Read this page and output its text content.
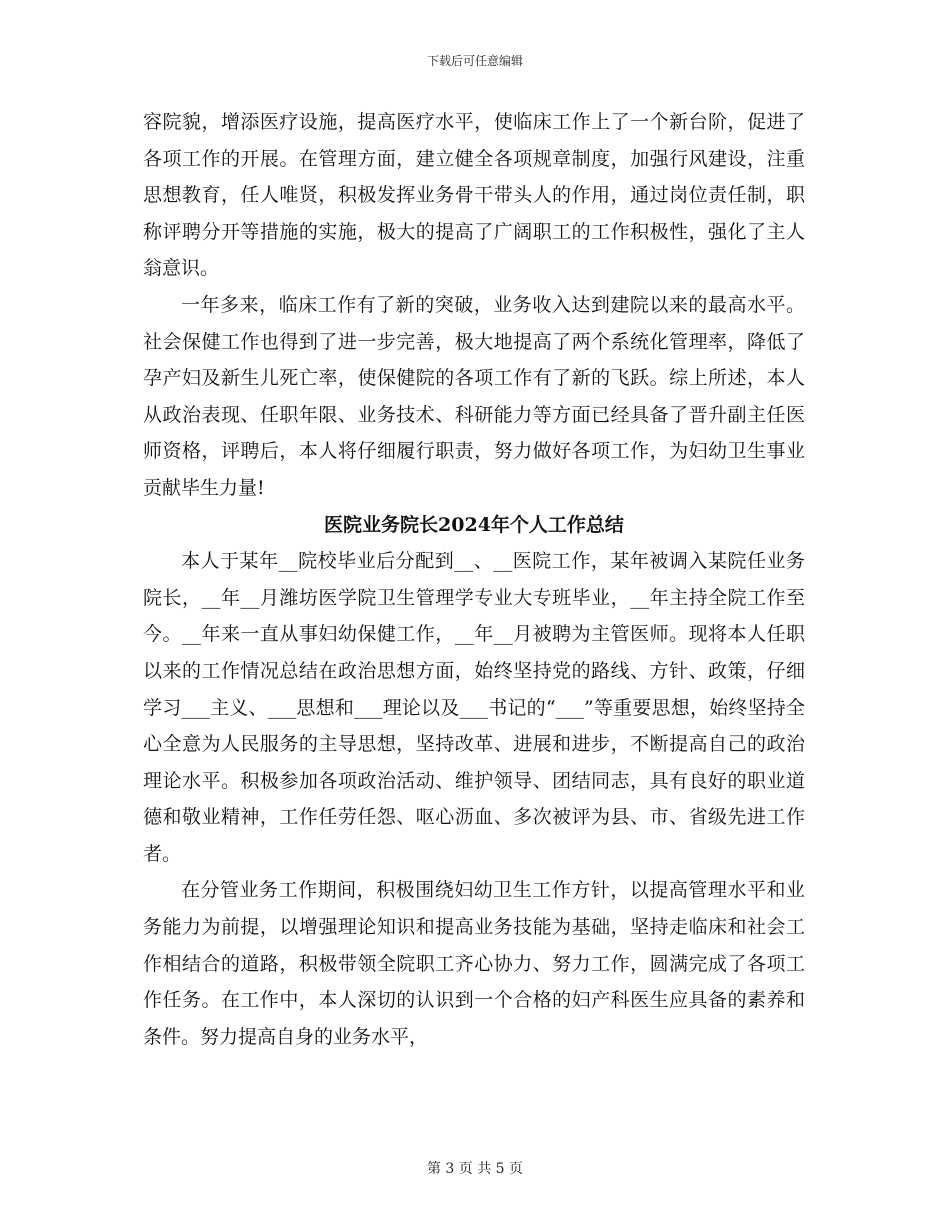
下载后可任意编辑

容院貌，增添医疗设施，提高医疗水平，使临床工作上了一个新台阶，促进了各项工作的开展。在管理方面，建立健全各项规章制度，加强行风建设，注重思想教育，任人唯贤，积极发挥业务骨干带头人的作用，通过岗位责任制，职称评聘分开等措施的实施，极大的提高了广阔职工的工作积极性，强化了主人翁意识。

一年多来，临床工作有了新的突破，业务收入达到建院以来的最高水平。社会保健工作也得到了进一步完善，极大地提高了两个系统化管理率，降低了孕产妇及新生儿死亡率，使保健院的各项工作有了新的飞跃。综上所述，本人从政治表现、任职年限、业务技术、科研能力等方面已经具备了晋升副主任医师资格，评聘后，本人将仔细履行职责，努力做好各项工作，为妇幼卫生事业贡献毕生力量!

医院业务院长2024年个人工作总结

本人于某年__院校毕业后分配到__、__医院工作，某年被调入某院任业务院长，__年__月潍坊医学院卫生管理学专业大专班毕业，__年主持全院工作至今。__年来一直从事妇幼保健工作，__年__月被聘为主管医师。现将本人任职以来的工作情况总结在政治思想方面，始终坚持党的路线、方针、政策，仔细学习___主义、___思想和___理论以及___书记的“___”等重要思想，始终坚持全心全意为人民服务的主导思想，坚持改革、进展和进步，不断提高自己的政治理论水平。积极参加各项政治活动、维护领导、团结同志，具有良好的职业道德和敬业精神，工作任劳任怨、呕心沥血、多次被评为县、市、省级先进工作者。

在分管业务工作期间，积极围绕妇幼卫生工作方针，以提高管理水平和业务能力为前提，以增强理论知识和提高业务技能为基础，坚持走临床和社会工作相结合的道路，积极带领全院职工齐心协力、努力工作，圆满完成了各项工作任务。在工作中，本人深切的认识到一个合格的妇产科医生应具备的素养和条件。努力提高自身的业务水平，

第 3 页 共 5 页
